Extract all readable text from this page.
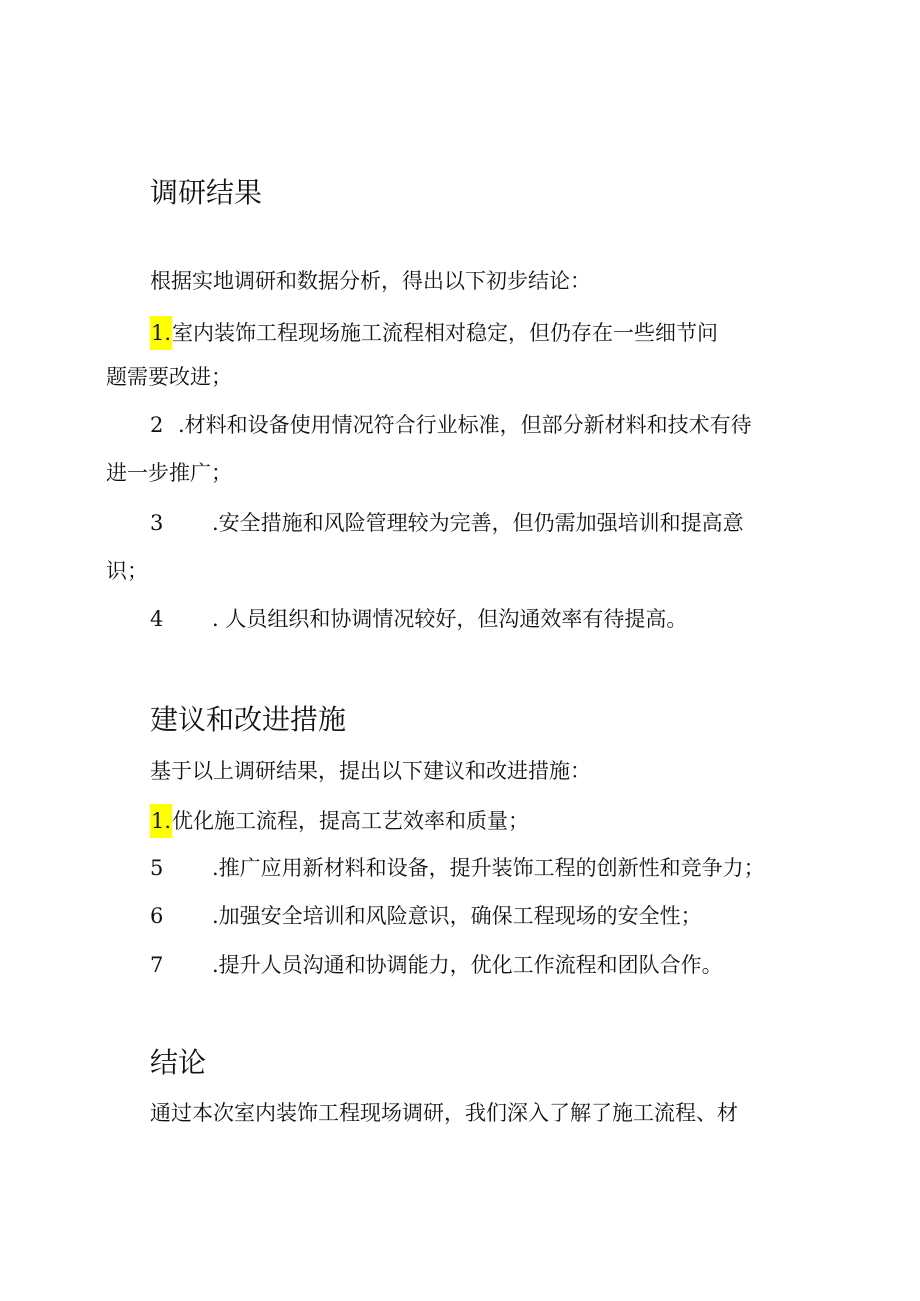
调研结果
根据实地调研和数据分析，得出以下初步结论：
1.室内装饰工程现场施工流程相对稳定，但仍存在一些细节问
题需要改进；
2 .材料和设备使用情况符合行业标准，但部分新材料和技术有待
进一步推广；
3 .安全措施和风险管理较为完善，但仍需加强培训和提高意
识；
4 . 人员组织和协调情况较好，但沟通效率有待提高。
建议和改进措施
基于以上调研结果，提出以下建议和改进措施：
1.优化施工流程，提高工艺效率和质量；
5 .推广应用新材料和设备，提升装饰工程的创新性和竞争力；
6 .加强安全培训和风险意识，确保工程现场的安全性；
7 .提升人员沟通和协调能力，优化工作流程和团队合作。
结论
通过本次室内装饰工程现场调研，我们深入了解了施工流程、材
